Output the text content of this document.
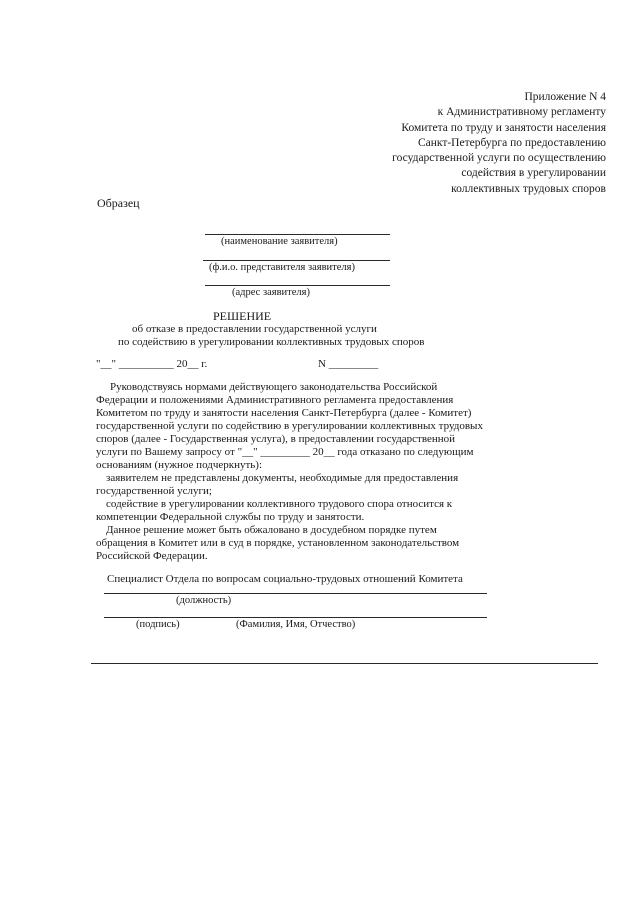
Приложение N 4
к Административному регламенту
Комитета по труду и занятости населения
Санкт-Петербурга по предоставлению
государственной услуги по осуществлению
содействия в урегулировании
коллективных трудовых споров
Образец
(наименование заявителя)
(ф.и.о. представителя заявителя)
(адрес заявителя)
РЕШЕНИЕ
об отказе в предоставлении государственной услуги
по содействию в урегулировании коллективных трудовых споров
"__" __________ 20__ г.	N _________
Руководствуясь нормами действующего законодательства Российской
Федерации и положениями Административного регламента предоставления
Комитетом по труду и занятости населения Санкт-Петербурга (далее - Комитет)
государственной услуги по содействию в урегулировании коллективных трудовых
споров (далее - Государственная услуга), в предоставлении государственной
услуги по Вашему запросу от "__" _________ 20__ года отказано по следующим
основаниям (нужное подчеркнуть):
заявителем не представлены документы, необходимые для предоставления
государственной услуги;
содействие в урегулировании коллективного трудового спора относится к
компетенции Федеральной службы по труду и занятости.
Данное решение может быть обжаловано в досудебном порядке путем
обращения в Комитет или в суд в порядке, установленном законодательством
Российской Федерации.
Специалист Отдела по вопросам социально-трудовых отношений Комитета
(должность)
(подпись)	(Фамилия, Имя, Отчество)
